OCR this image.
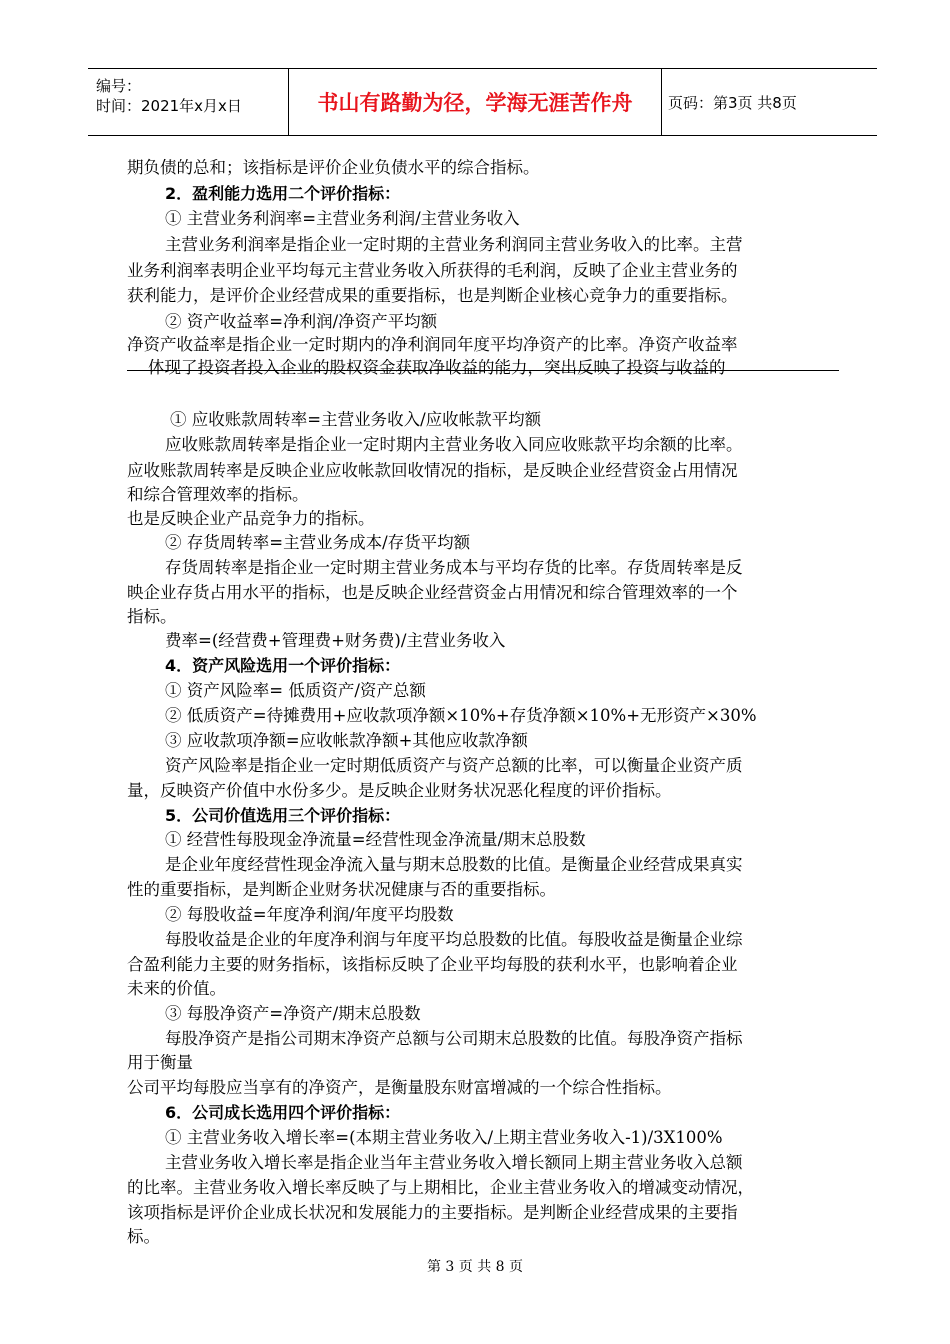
编号：
时间：2021年x月x日	书山有路勤为径，学海无涯苦作舟	页码：第3页 共8页
期负债的总和；该指标是评价企业负债水平的综合指标。
2．盈利能力选用二个评价指标：
① 主营业务利润率=主营业务利润/主营业务收入
主营业务利润率是指企业一定时期的主营业务利润同主营业务收入的比率。主营
业务利润率表明企业平均每元主营业务收入所获得的毛利润，反映了企业主营业务的
获利能力，是评价企业经营成果的重要指标，也是判断企业核心竞争力的重要指标。
② 资产收益率=净利润/净资产平均额
净资产收益率是指企业一定时期内的净利润同年度平均净资产的比率。净资产收益率
体现了投资者投入企业的股权资金获取净收益的能力，突出反映了投资与收益的
① 应收账款周转率=主营业务收入/应收帐款平均额
应收账款周转率是指企业一定时期内主营业务收入同应收账款平均余额的比率。
应收账款周转率是反映企业应收帐款回收情况的指标，是反映企业经营资金占用情况
和综合管理效率的指标。
也是反映企业产品竞争力的指标。
② 存货周转率=主营业务成本/存货平均额
存货周转率是指企业一定时期主营业务成本与平均存货的比率。存货周转率是反
映企业存货占用水平的指标，也是反映企业经营资金占用情况和综合管理效率的一个
指标。
费率=(经营费+管理费+财务费)/主营业务收入
4．资产风险选用一个评价指标：
① 资产风险率= 低质资产/资产总额
② 低质资产=待摊费用+应收款项净额×10%+存货净额×10%+无形资产×30%
③ 应收款项净额=应收帐款净额+其他应收款净额
资产风险率是指企业一定时期低质资产与资产总额的比率，可以衡量企业资产质
量，反映资产价值中水份多少。是反映企业财务状况恶化程度的评价指标。
5．公司价值选用三个评价指标：
① 经营性每股现金净流量=经营性现金净流量/期末总股数
是企业年度经营性现金净流入量与期末总股数的比值。是衡量企业经营成果真实
性的重要指标，是判断企业财务状况健康与否的重要指标。
② 每股收益=年度净利润/年度平均股数
每股收益是企业的年度净利润与年度平均总股数的比值。每股收益是衡量企业综
合盈利能力主要的财务指标，该指标反映了企业平均每股的获利水平，也影响着企业
未来的价值。
③ 每股净资产=净资产/期末总股数
每股净资产是指公司期末净资产总额与公司期末总股数的比值。每股净资产指标
用于衡量
公司平均每股应当享有的净资产，是衡量股东财富增减的一个综合性指标。
6．公司成长选用四个评价指标：
① 主营业务收入增长率=(本期主营业务收入/上期主营业务收入-1)/3X100%
主营业务收入增长率是指企业当年主营业务收入增长额同上期主营业务收入总额
的比率。主营业务收入增长率反映了与上期相比，企业主营业务收入的增减变动情况，
该项指标是评价企业成长状况和发展能力的主要指标。是判断企业经营成果的主要指
标。
第 3 页 共 8 页
